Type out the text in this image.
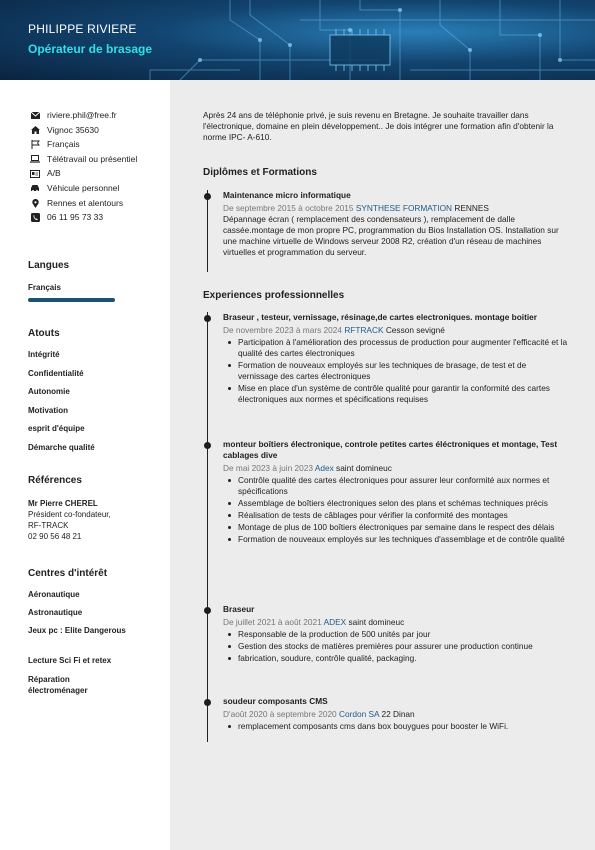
PHILIPPE RIVIERE
Opérateur de brasage
riviere.phil@free.fr
Vignoc 35630
Français
Télétravail ou présentiel
A/B
Véhicule personnel
Rennes et alentours
06 11 95 73 33
Langues
Français
Atouts
Intégrité
Confidentialité
Autonomie
Motivation
esprit d'équipe
Démarche qualité
Références
Mr Pierre CHEREL
Président co-fondateur,
RF-TRACK
02 90 56 48 21
Centres d'intérêt
Aéronautique
Astronautique
Jeux pc : Elite Dangerous
Lecture Sci Fi et retex
Réparation électroménager
Après 24 ans de téléphonie privé, je suis revenu en Bretagne. Je souhaite travailler dans l'électronique, domaine en plein développement.. Je dois intégrer une formation afin d'obtenir la norme IPC- A-610.
Diplômes et Formations
Maintenance micro informatique
De septembre 2015 à octobre 2015 SYNTHESE FORMATION RENNES
Dépannage écran ( remplacement des condensateurs ), remplacement de dalle cassée.montage de mon propre PC, programmation du Bios Installation OS. Installation sur une machine virtuelle de Windows serveur 2008 R2, création d'un réseau de machines virtuelles et programmation du serveur.
Experiences professionnelles
Braseur , testeur, vernissage, résinage,de cartes electroniques. montage boitier
De novembre 2023 à mars 2024 RFTRACK Cesson sevigné
Participation à l'amélioration des processus de production pour augmenter l'efficacité et la qualité des cartes électroniques
Formation de nouveaux employés sur les techniques de brasage, de test et de vernissage des cartes électroniques
Mise en place d'un système de contrôle qualité pour garantir la conformité des cartes électroniques aux normes et spécifications requises
monteur boîtiers électronique, controle petites cartes éléctroniques et montage, Test cablages dive
De mai 2023 à juin 2023 Adex saint domineuc
Contrôle qualité des cartes électroniques pour assurer leur conformité aux normes et spécifications
Assemblage de boîtiers électroniques selon des plans et schémas techniques précis
Réalisation de tests de câblages pour vérifier la conformité des montages
Montage de plus de 100 boîtiers électroniques par semaine dans le respect des délais
Formation de nouveaux employés sur les techniques d'assemblage et de contrôle qualité
Braseur
De juillet 2021 à août 2021 ADEX saint domineuc
Responsable de la production de 500 unités par jour
Gestion des stocks de matières premières pour assurer une production continue
fabrication, soudure, contrôle qualité, packaging.
soudeur composants CMS
D'août 2020 à septembre 2020 Cordon SA 22 Dinan
remplacement composants cms dans box bouygues pour booster le WiFi.
